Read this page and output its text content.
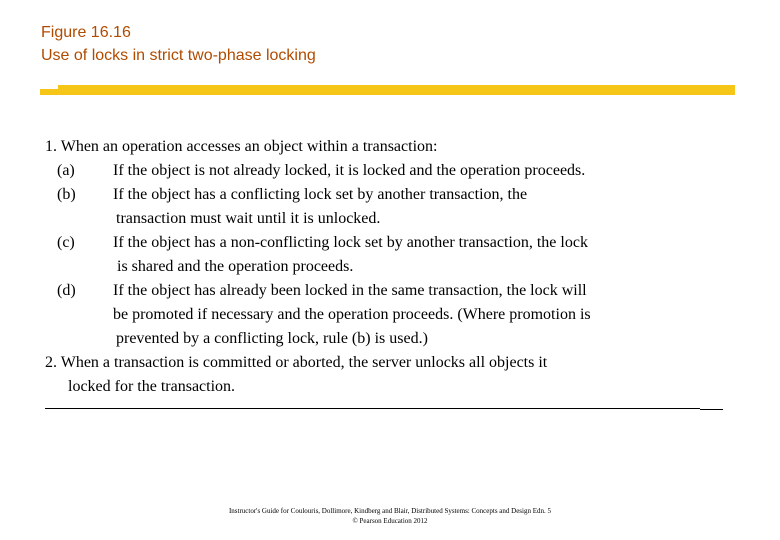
Figure 16.16
Use of locks in strict two-phase locking
1. When an operation accesses an object within a transaction:
(a) If the object is not already locked, it is locked and the operation proceeds.
(b) If the object has a conflicting lock set by another transaction, the
transaction must wait until it is unlocked.
(c) If the object has a non-conflicting lock set by another transaction, the lock
is shared and the operation proceeds.
(d) If the object has already been locked in the same transaction, the lock will
be promoted if necessary and the operation proceeds. (Where promotion is
prevented by a conflicting lock, rule (b) is used.)
2. When a transaction is committed or aborted, the server unlocks all objects it
locked for the transaction.
Instructor's Guide for Coulouris, Dollimore, Kindberg and Blair, Distributed Systems: Concepts and Design Edn. 5
© Pearson Education 2012
